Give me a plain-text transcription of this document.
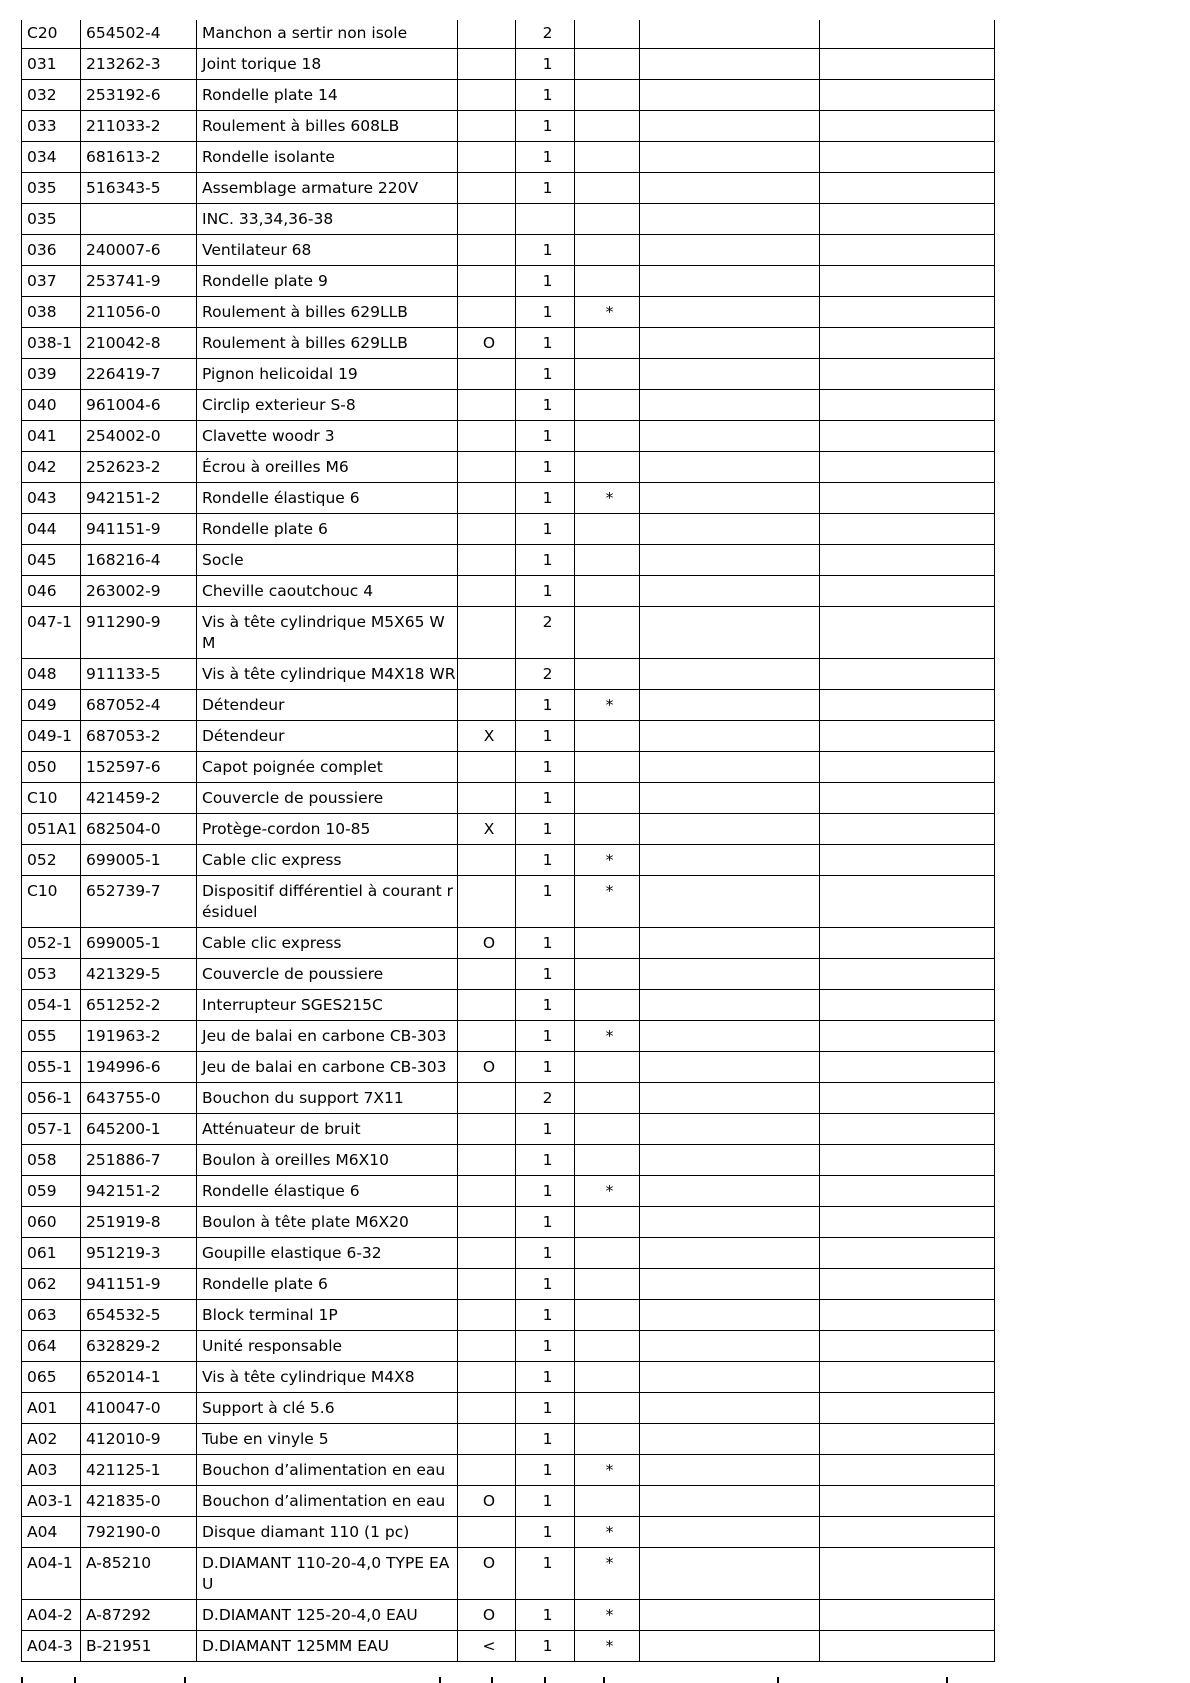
C20	654502-4	Manchon a sertir non isole		2			
031	213262-3	Joint torique 18		1			
032	253192-6	Rondelle plate 14		1			
033	211033-2	Roulement à billes 608LB		1			
034	681613-2	Rondelle isolante		1			
035	516343-5	Assemblage armature 220V		1			
035		INC. 33,34,36-38					
036	240007-6	Ventilateur 68		1			
037	253741-9	Rondelle plate 9		1			
038	211056-0	Roulement à billes 629LLB		1	*		
038-1	210042-8	Roulement à billes 629LLB	O	1			
039	226419-7	Pignon helicoidal 19		1			
040	961004-6	Circlip exterieur S-8		1			
041	254002-0	Clavette woodr 3		1			
042	252623-2	Écrou à oreilles M6		1			
043	942151-2	Rondelle élastique 6		1	*		
044	941151-9	Rondelle plate 6		1			
045	168216-4	Socle		1			
046	263002-9	Cheville caoutchouc 4		1			
047-1	911290-9	Vis à tête cylindrique M5X65 WM		2			
048	911133-5	Vis à tête cylindrique M4X18 WR		2			
049	687052-4	Détendeur		1	*		
049-1	687053-2	Détendeur	X	1			
050	152597-6	Capot poignée complet		1			
C10	421459-2	Couvercle de poussiere		1			
051A1	682504-0	Protège-cordon 10-85	X	1			
052	699005-1	Cable clic express		1	*		
C10	652739-7	Dispositif différentiel à courant résiduel		1	*		
052-1	699005-1	Cable clic express	O	1			
053	421329-5	Couvercle de poussiere		1			
054-1	651252-2	Interrupteur SGES215C		1			
055	191963-2	Jeu de balai en carbone CB-303		1	*		
055-1	194996-6	Jeu de balai en carbone CB-303	O	1			
056-1	643755-0	Bouchon du support 7X11		2			
057-1	645200-1	Atténuateur de bruit		1			
058	251886-7	Boulon à oreilles M6X10		1			
059	942151-2	Rondelle élastique 6		1	*		
060	251919-8	Boulon à tête plate M6X20		1			
061	951219-3	Goupille elastique 6-32		1			
062	941151-9	Rondelle plate 6		1			
063	654532-5	Block terminal 1P		1			
064	632829-2	Unité responsable		1			
065	652014-1	Vis à tête cylindrique M4X8		1			
A01	410047-0	Support à clé 5.6		1			
A02	412010-9	Tube en vinyle 5		1			
A03	421125-1	Bouchon d’alimentation en eau		1	*		
A03-1	421835-0	Bouchon d’alimentation en eau	O	1			
A04	792190-0	Disque diamant 110 (1 pc)		1	*		
A04-1	A-85210	D.DIAMANT 110-20-4,0 TYPE EAU	O	1	*		
A04-2	A-87292	D.DIAMANT 125-20-4,0 EAU	O	1	*		
A04-3	B-21951	D.DIAMANT 125MM EAU	<	1	*		
